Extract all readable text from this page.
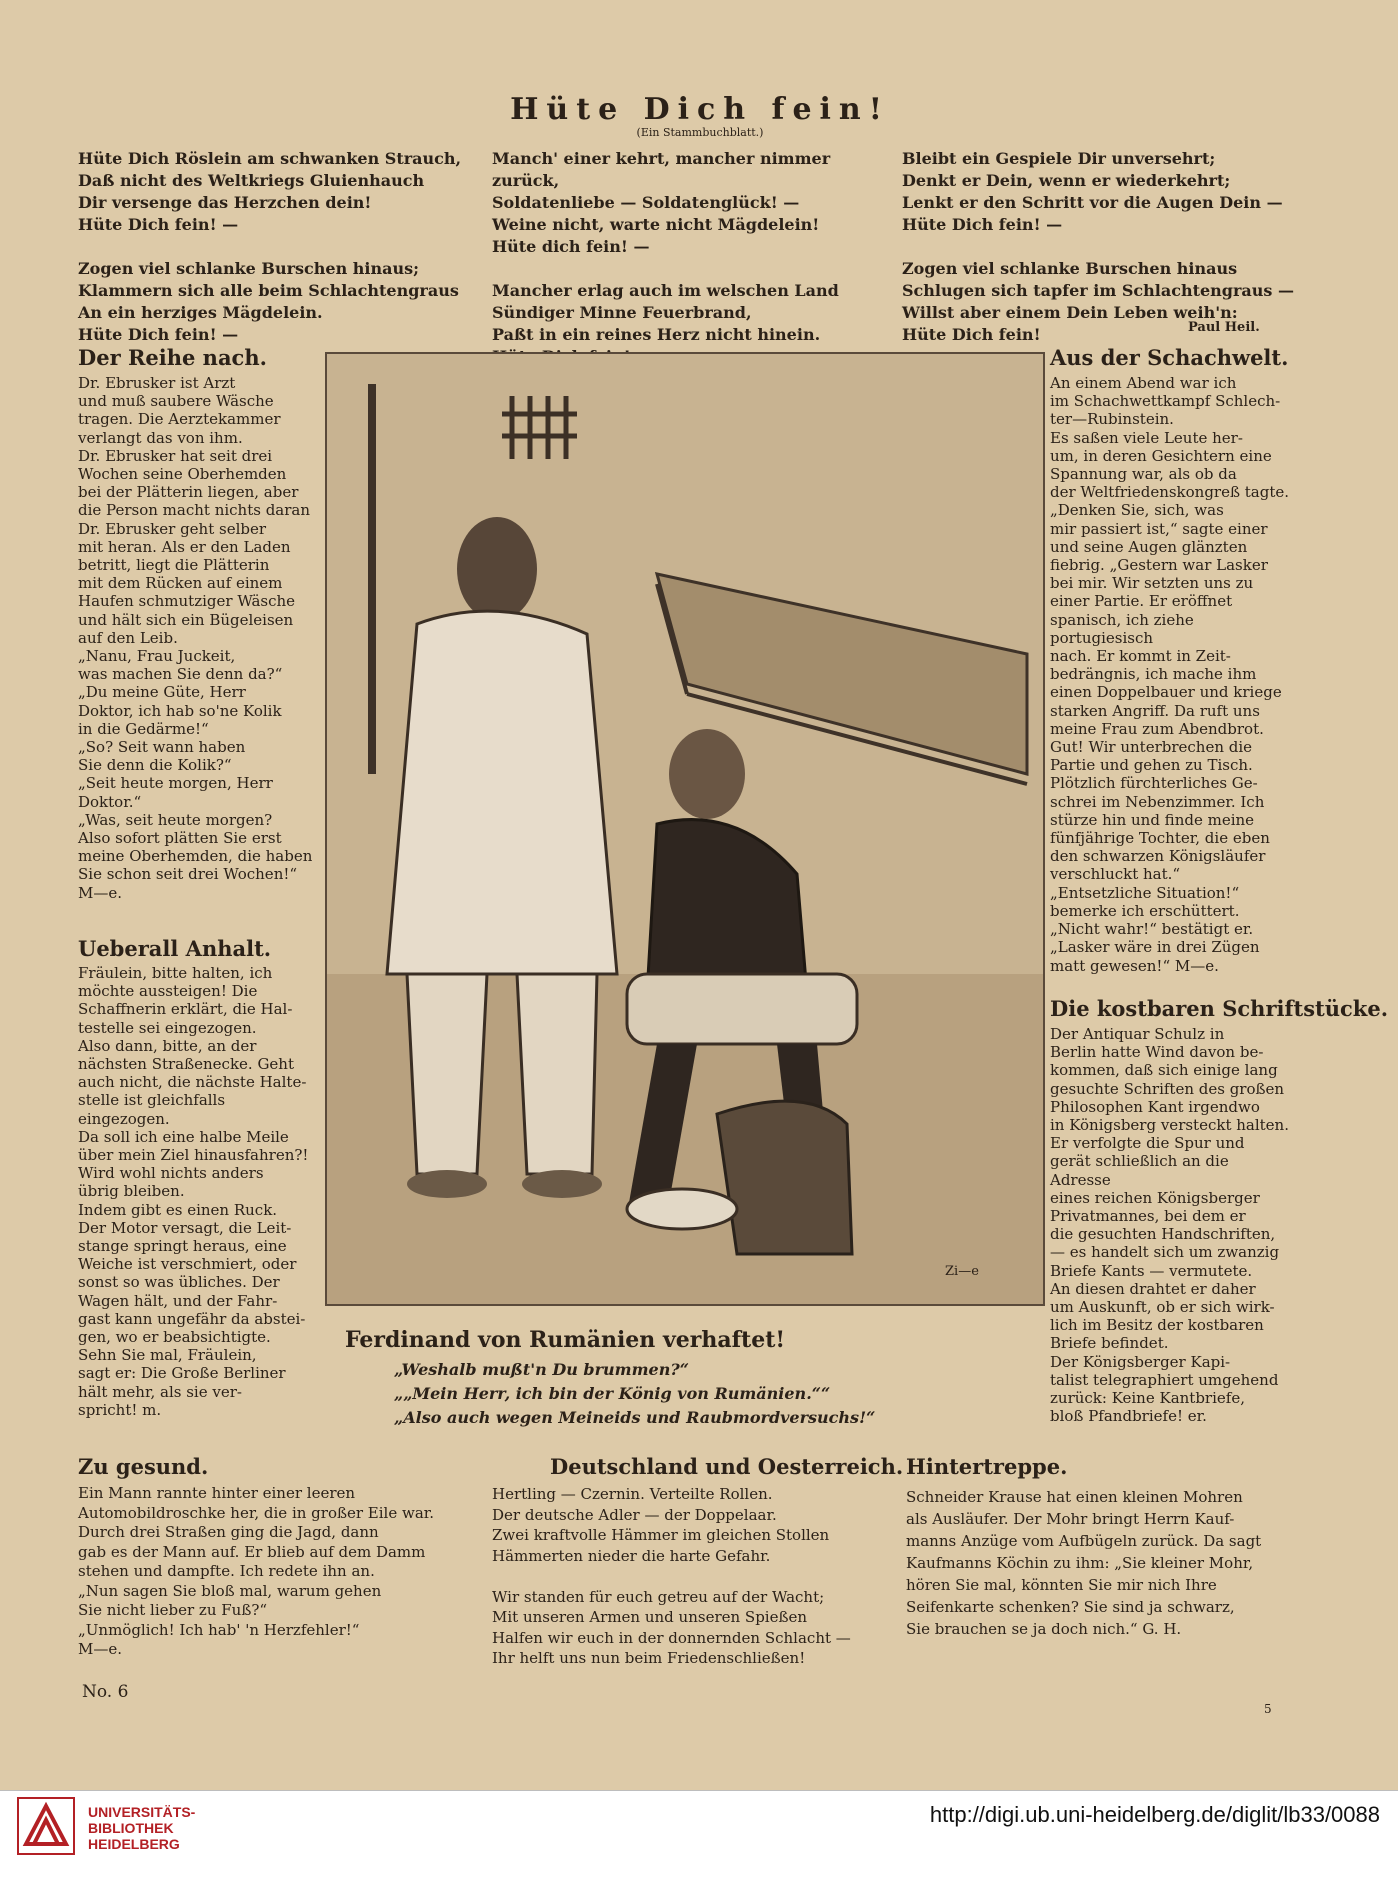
Hüte Dich fein!
(Ein Stammbuchblatt.)
Hüte Dich Röslein am schwanken Strauch,
Daß nicht des Weltkriegs Gluienhauch
Dir versenge das Herzchen dein!
Hüte Dich fein! —

Zogen viel schlanke Burschen hinaus;
Klammern sich alle beim Schlachtengraus
An ein herziges Mägdelein.
Hüte Dich fein! —
Manch' einer kehrt, mancher nimmer zurück,
Soldatenliebe — Soldatenglück! —
Weine nicht, warte nicht Mägdelein!
Hüte dich fein! —

Mancher erlag auch im welschen Land
Sündiger Minne Feuerbrand,
Paßt in ein reines Herz nicht hinein.

Bleibt ein Gespiele Dir unversehrt;
Denkt er Dein, wenn er wiederkehrt;
Lenkt er den Schritt vor die Augen Dein —
Hüte Dich fein! —

Zogen viel schlanke Burschen hinaus
Schlugen sich tapfer im Schlachtengraus —
Willst aber einem Dein Leben weih'n:
Hüte Dich fein!	Paul Heil.
Der Reihe nach.
Dr. Ebrusker ist Arzt
und muß saubere Wäsche
tragen. Die Aerztekammer
verlangt das von ihm.
Dr. Ebrusker hat seit drei
Wochen seine Oberhemden
bei der Plätterin liegen, aber
die Person macht nichts daran
Dr. Ebrusker geht selber
mit heran. Als er den Laden
betritt, liegt die Plätterin
mit dem Rücken auf einem
Haufen schmutziger Wäsche
und hält sich ein Bügeleisen
auf den Leib.
„Nanu, Frau Juckeit,
was machen Sie denn da?“
„Du meine Güte, Herr
Doktor, ich hab so'ne Kolik
in die Gedärme!“
„So? Seit wann haben
Sie denn die Kolik?“
„Seit heute morgen, Herr
Doktor.“
„Was, seit heute morgen?
Also sofort plätten Sie erst
meine Oberhemden, die haben
Sie schon seit drei Wochen!“
M—e.
Ueberall Anhalt.
Fräulein, bitte halten, ich
möchte aussteigen! Die
Schaffnerin erklärt, die Hal-
testelle sei eingezogen.
Also dann, bitte, an der
nächsten Straßenecke. Geht
auch nicht, die nächste Halte-
stelle ist gleichfalls eingezogen.
Da soll ich eine halbe Meile
über mein Ziel hinausfahren?!
Wird wohl nichts anders
übrig bleiben.
Indem gibt es einen Ruck.
Der Motor versagt, die Leit-
stange springt heraus, eine
Weiche ist verschmiert, oder
sonst so was übliches. Der
Wagen hält, und der Fahr-
gast kann ungefähr da abstei-
gen, wo er beabsichtigte.
Sehn Sie mal, Fräulein,
sagt er: Die Große Berliner
hält mehr, als sie ver-
spricht! m.
Zi—e
Ferdinand von Rumänien verhaftet!
„Weshalb mußt'n Du brummen?“
„„Mein Herr, ich bin der König von Rumänien.““
„Also auch wegen Meineids und Raubmordversuchs!“
Aus der Schachwelt.
An einem Abend war ich
im Schachwettkampf Schlech-
ter—Rubinstein.
Es saßen viele Leute her-
um, in deren Gesichtern eine
Spannung war, als ob da
der Weltfriedenskongreß tagte.
„Denken Sie, sich, was
mir passiert ist,“ sagte einer
und seine Augen glänzten
fiebrig. „Gestern war Lasker
bei mir. Wir setzten uns zu
einer Partie. Er eröffnet
spanisch, ich ziehe portugiesisch
nach. Er kommt in Zeit-
bedrängnis, ich mache ihm
einen Doppelbauer und kriege
starken Angriff. Da ruft uns
meine Frau zum Abendbrot.
Gut! Wir unterbrechen die
Partie und gehen zu Tisch.
Plötzlich fürchterliches Ge-
schrei im Nebenzimmer. Ich
stürze hin und finde meine
fünfjährige Tochter, die eben
den schwarzen Königsläufer
verschluckt hat.“
„Entsetzliche Situation!“
bemerke ich erschüttert.
„Nicht wahr!“ bestätigt er.
„Lasker wäre in drei Zügen
matt gewesen!“ M—e.
Die kostbaren Schriftstücke.
Der Antiquar Schulz in
Berlin hatte Wind davon be-
kommen, daß sich einige lang
gesuchte Schriften des großen
Philosophen Kant irgendwo
in Königsberg versteckt halten.
Er verfolgte die Spur und
gerät schließlich an die Adresse
eines reichen Königsberger
Privatmannes, bei dem er
die gesuchten Handschriften,
— es handelt sich um zwanzig
Briefe Kants — vermutete.
An diesen drahtet er daher
um Auskunft, ob er sich wirk-
lich im Besitz der kostbaren
Briefe befindet.
Der Königsberger Kapi-
talist telegraphiert umgehend
zurück: Keine Kantbriefe,
bloß Pfandbriefe! er.
Zu gesund.
Ein Mann rannte hinter einer leeren
Automobildroschke her, die in großer Eile war.
Durch drei Straßen ging die Jagd, dann
gab es der Mann auf. Er blieb auf dem Damm
stehen und dampfte. Ich redete ihn an.
„Nun sagen Sie bloß mal, warum gehen
Sie nicht lieber zu Fuß?“
„Unmöglich! Ich hab' 'n Herzfehler!“
M—e.
Deutschland und Oesterreich.
Hertling — Czernin. Verteilte Rollen.
Der deutsche Adler — der Doppelaar.
Zwei kraftvolle Hämmer im gleichen Stollen
Hämmerten nieder die harte Gefahr.

Wir standen für euch getreu auf der Wacht;
Mit unseren Armen und unseren Spießen
Halfen wir euch in der donnernden Schlacht —
Ihr helft uns nun beim Friedenschließen!
Hintertreppe.
Schneider Krause hat einen kleinen Mohren
als Ausläufer. Der Mohr bringt Herrn Kauf-
manns Anzüge vom Aufbügeln zurück. Da sagt
Kaufmanns Köchin zu ihm: „Sie kleiner Mohr,
hören Sie mal, könnten Sie mir nich Ihre
Seifenkarte schenken? Sie sind ja schwarz,
Sie brauchen se ja doch nich.“ G. H.
No. 6
5
UNIVERSITÄTS-
BIBLIOTHEK
HEIDELBERG
http://digi.ub.uni-heidelberg.de/diglit/lb33/0088
